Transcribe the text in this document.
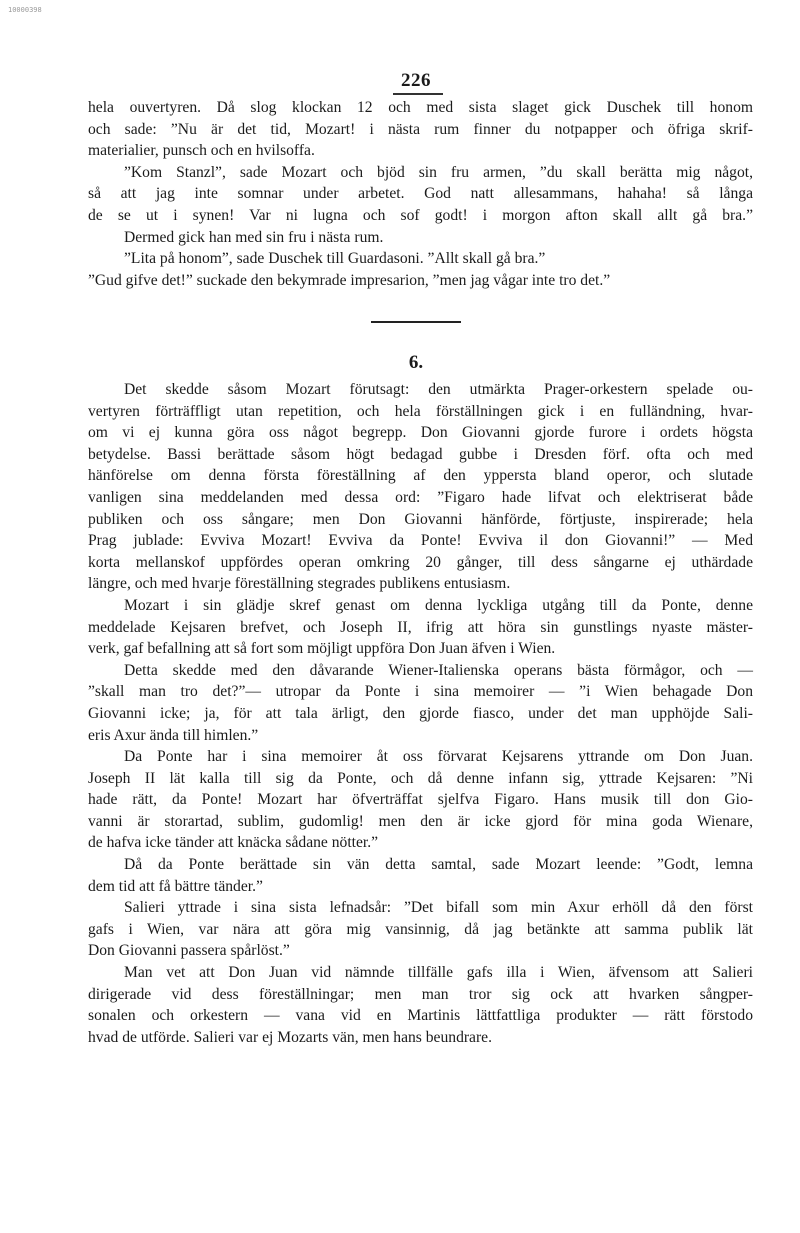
10000398
226
hela ouvertyren. Då slog klockan 12 och med sista slaget gick Duschek till honom
och sade: ”Nu är det tid, Mozart! i nästa rum finner du notpapper och öfriga skrif-
materialier, punsch och en hvilsoffa.
”Kom Stanzl”, sade Mozart och bjöd sin fru armen, ”du skall berätta mig något,
så att jag inte somnar under arbetet. God natt allesammans, hahaha! så långa
de se ut i synen! Var ni lugna och sof godt! i morgon afton skall allt gå bra.”
Dermed gick han med sin fru i nästa rum.
”Lita på honom”, sade Duschek till Guardasoni. ”Allt skall gå bra.”
”Gud gifve det!” suckade den bekymrade impresarion, ”men jag vågar inte tro det.”
6.
Det skedde såsom Mozart förutsagt: den utmärkta Prager-orkestern spelade ou-
vertyren förträffligt utan repetition, och hela förställningen gick i en fulländning, hvar-
om vi ej kunna göra oss något begrepp. Don Giovanni gjorde furore i ordets högsta
betydelse. Bassi berättade såsom högt bedagad gubbe i Dresden förf. ofta och med
hänförelse om denna första föreställning af den yppersta bland operor, och slutade
vanligen sina meddelanden med dessa ord: ”Figaro hade lifvat och elektriserat både
publiken och oss sångare; men Don Giovanni hänförde, förtjuste, inspirerade; hela
Prag jublade: Evviva Mozart! Evviva da Ponte! Evviva il don Giovanni!” — Med
korta mellanskof uppfördes operan omkring 20 gånger, till dess sångarne ej uthärdade
längre, och med hvarje föreställning stegrades publikens entusiasm.
Mozart i sin glädje skref genast om denna lyckliga utgång till da Ponte, denne
meddelade Kejsaren brefvet, och Joseph II, ifrig att höra sin gunstlings nyaste mäster-
verk, gaf befallning att så fort som möjligt uppföra Don Juan äfven i Wien.
Detta skedde med den dåvarande Wiener-Italienska operans bästa förmågor, och —
”skall man tro det?”— utropar da Ponte i sina memoirer — ”i Wien behagade Don
Giovanni icke; ja, för att tala ärligt, den gjorde fiasco, under det man upphöjde Sali-
eris Axur ända till himlen.”
Da Ponte har i sina memoirer åt oss förvarat Kejsarens yttrande om Don Juan.
Joseph II lät kalla till sig da Ponte, och då denne infann sig, yttrade Kejsaren: ”Ni
hade rätt, da Ponte! Mozart har öfverträffat sjelfva Figaro. Hans musik till don Gio-
vanni är storartad, sublim, gudomlig! men den är icke gjord för mina goda Wienare,
de hafva icke tänder att knäcka sådane nötter.”
Då da Ponte berättade sin vän detta samtal, sade Mozart leende: ”Godt, lemna
dem tid att få bättre tänder.”
Salieri yttrade i sina sista lefnadsår: ”Det bifall som min Axur erhöll då den först
gafs i Wien, var nära att göra mig vansinnig, då jag betänkte att samma publik lät
Don Giovanni passera spårlöst.”
Man vet att Don Juan vid nämnde tillfälle gafs illa i Wien, äfvensom att Salieri
dirigerade vid dess föreställningar; men man tror sig ock att hvarken sångper-
sonalen och orkestern — vana vid en Martinis lättfattliga produkter — rätt förstodo
hvad de utförde. Salieri var ej Mozarts vän, men hans beundrare.
